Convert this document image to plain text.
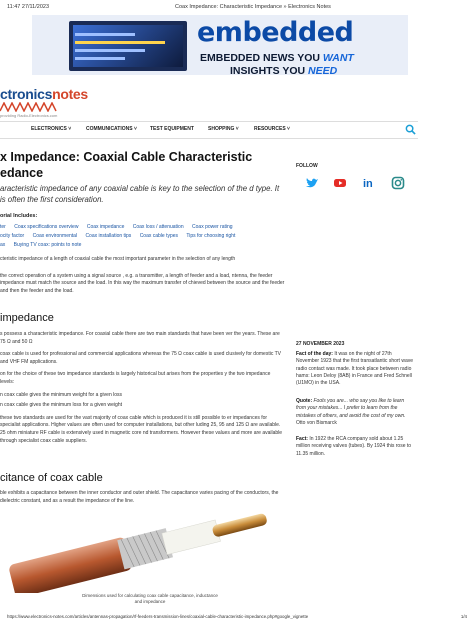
11:47 27/11/2023	Coax Impedance: Characteristic Impedance » Electronics Notes
embedded
EMBEDDED NEWS YOU WANT
INSIGHTS YOU NEED
ctronicsnotes
providing Radio-Electronics.com
ELECTRONICS ˅	COMMUNICATIONS ˅	TEST EQUIPMENT	SHOPPING ˅	RESOURCES ˅
x Impedance: Coaxial Cable Characteristic
edance
aracteristic impedance of any coaxial cable is key to the selection of the d type. It is often the first consideration.
orial Includes:
ter Coax specifications overview Coax impedance Coax loss / attenuation Coax power rating
ocity factor Coax environmental Coax installation tips Coax cable types Tips for choosing right
ax Buying TV coax: points to note

cteristic impedance of a length of coaxial cable the most important parameter in the selection of any length

the correct operation of a system using a signal source , e.g. a transmitter, a length of feeder and a load, ntenna, the feeder impedance must match the source and the load. In this way the maximum transfer of chieved between the source and the feeder and then the feeder and the load.

impedance

s possess a characteristic impedance. For coaxial cable there are two main standards that have been ver the years. These are 75 Ω and 50 Ω

coax cable is used for professional and commercial applications whereas the 75 Ω coax cable is used clusively for domestic TV and VHF FM applications.

on for the choice of these two impedance standards is largely historical but arises from the properties y the two impedance levels:

n coax cable gives the minimum weight for a given loss

n coax cable gives the minimum loss for a given weight

these two standards are used for the vast majority of coax cable which is produced it is still possible to er impedances for specialist applications. Higher values are often used for computer installations, but other luding 25, 95 and 125 Ω are available. 25 ohm miniature RF cable is extensively used in magnetic core nd transformers. However these values and more are available through specialist coax cable suppliers.

citance of coax cable

ble exhibits a capacitance between the inner conductor and outer shield. The capacitance varies pacing of the conductors, the dielectric constant, and as a result the impedance of the line.

Dimensions used for calculating coax cable capacitance, inductance and impedance
FOLLOW
in
27 NOVEMBER 2023
Fact of the day: It was on the night of 27th November 1923 that the first transatlantic short wave radio contact was made. It took place between radio hams: Leon Deloy (8AB) in France and Fred Schnell (U1MO) in the USA.
Quote: Fools you are... who say you like to learn from your mistakes... I prefer to learn from the mistakes of others, and avoid the cost of my own. Otto von Bismarck
Fact: In 1922 the RCA company sold about 1.25 million receiving valves (tubes). By 1924 this rose to 11.35 million.
https://www.electronics-notes.com/articles/antennas-propagation/rf-feeders-transmission-lines/coaxial-cable-characteristic-impedance.php#google_vignette	1/4
